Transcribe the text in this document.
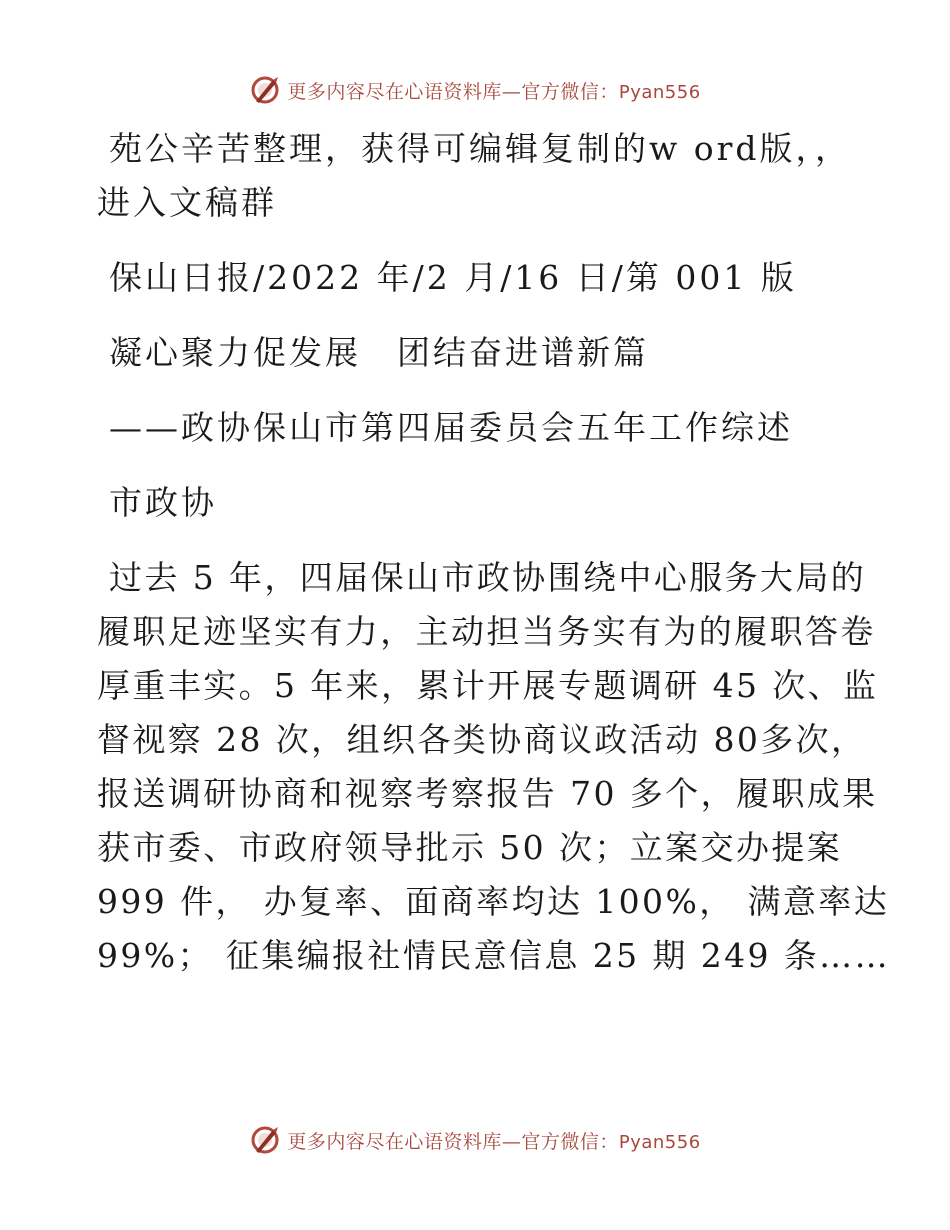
更多内容尽在心语资料库—官方微信：Pyan556
苑公辛苦整理，获得可编辑复制的w ord版，，
进入文稿群
保山日报/2022 年/2 月/16 日/第 001 版
凝心聚力促发展　团结奋进谱新篇
——政协保山市第四届委员会五年工作综述
市政协
过去 5 年，四届保山市政协围绕中心服务大局的
履职足迹坚实有力，主动担当务实有为的履职答卷
厚重丰实。5 年来，累计开展专题调研 45 次、监
督视察 28 次，组织各类协商议政活动 80多次，
报送调研协商和视察考察报告 70 多个，履职成果
获市委、市政府领导批示 50 次；立案交办提案
999 件， 办复率、面商率均达 100%， 满意率达
99%； 征集编报社情民意信息 25 期 249 条……
更多内容尽在心语资料库—官方微信：Pyan556
